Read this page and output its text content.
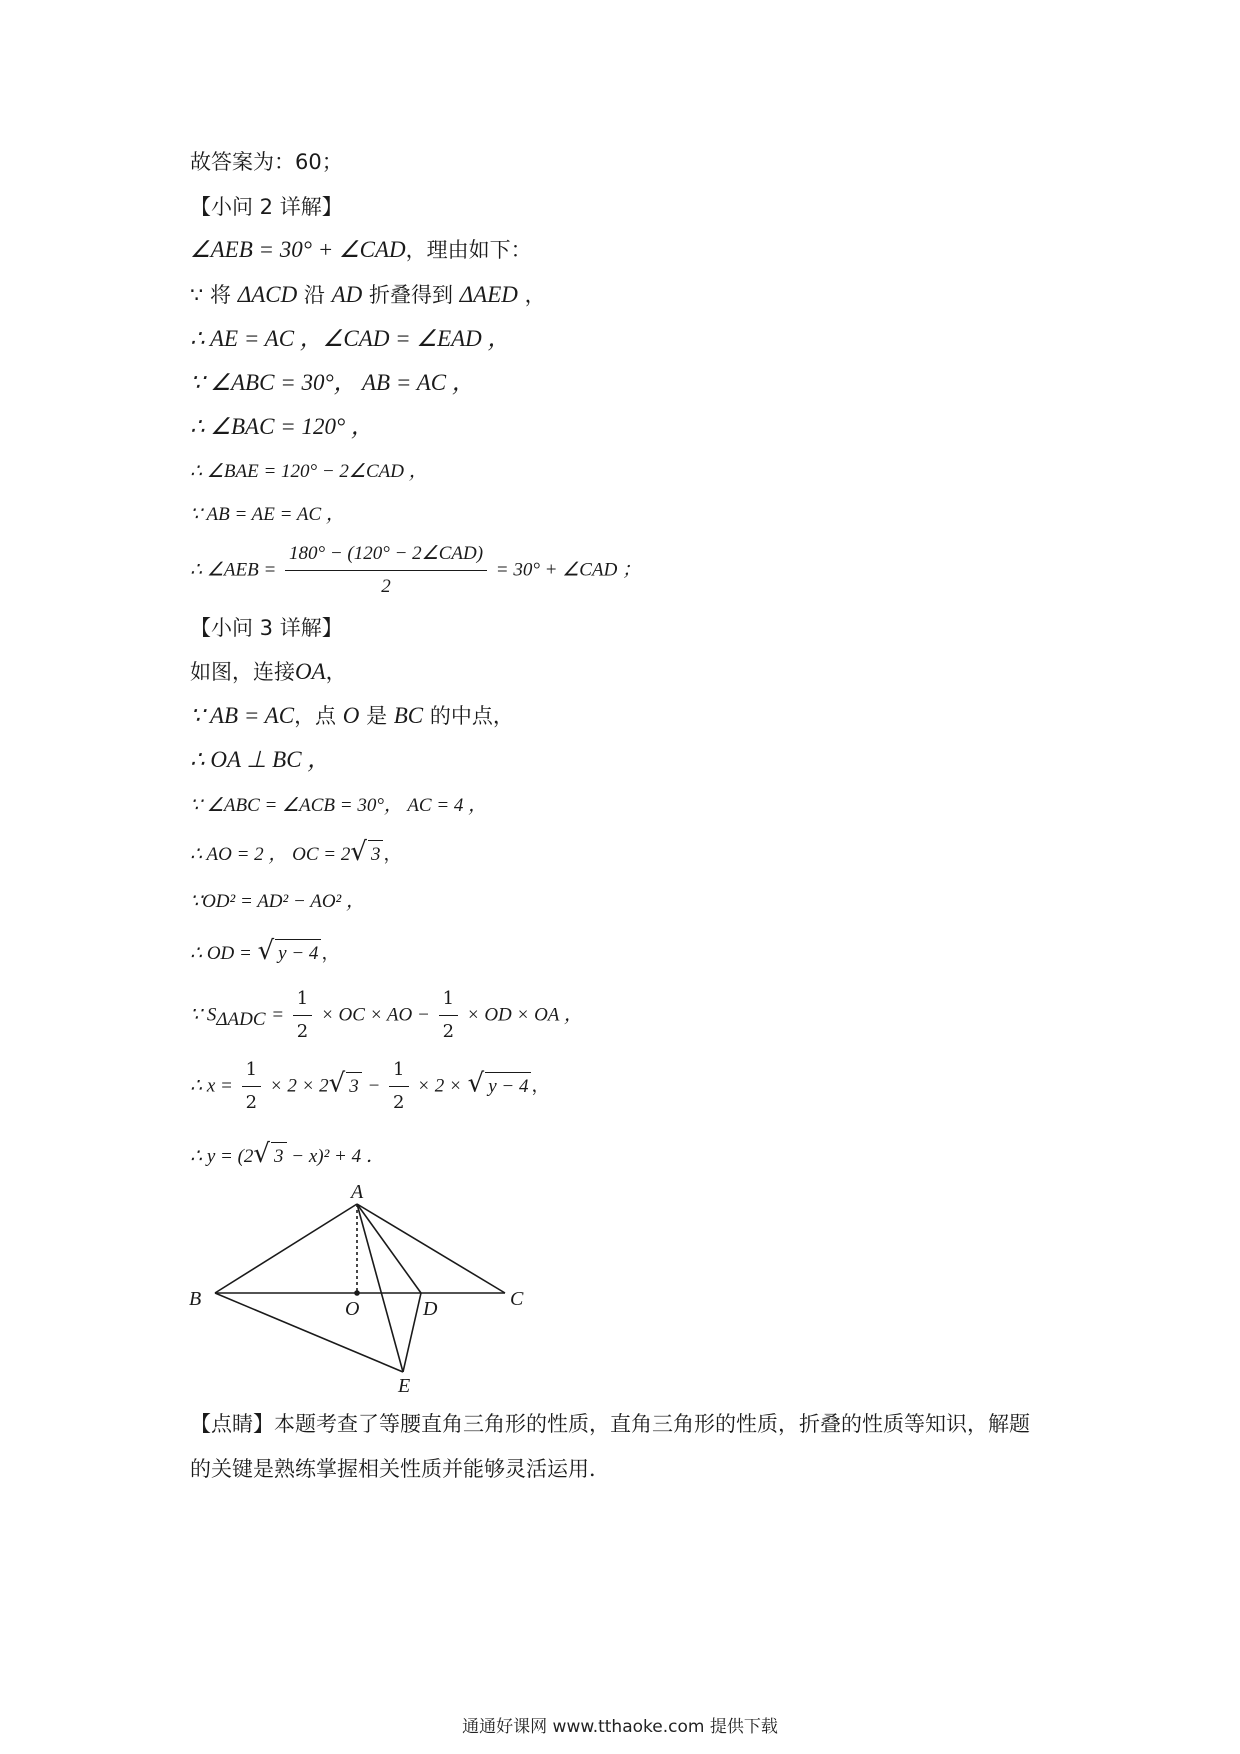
故答案为：60；
【小问 2 详解】
∠AEB = 30° + ∠CAD，理由如下：
∵ 将 ΔACD 沿 AD 折叠得到 ΔAED ，
∴ AE = AC ，∠CAD = ∠EAD ，
∵ ∠ABC = 30°， AB = AC ，
∴ ∠BAC = 120° ，
∴ ∠BAE = 120° − 2∠CAD ，
∵ AB = AE = AC ，
∴ ∠AEB = $\frac{\text{180° − (120° − 2∠CAD)}}{2} = 30^\circ$ + ∠CAD ；
【小问 3 详解】
如图，连接OA，
∵ AB = AC，点 O 是 BC 的中点，
∴ OA ⊥ BC ，
∵ ∠ABC = ∠ACB = 30°， AC = 4 ，
∴ AO = 2 ， OC = 2√ 3 ，
∵OD² = AD² − AO² ，
∴ OD = √ y − 4 ，
∵ $S_{\Delta ADC} = \frac{1}{2}$ × OC × AO − $\frac{1}{2}$ × OD × OA ，
∴ $x = \frac{1}{2} \times 2 \times 2√$ $3 - \frac{1}{2} \times 2$ × √ y − 4 ，
∴ y = (2√ 3 − x)² + 4 ．
A
B	O	D	C
E
【点睛】本题考查了等腰直角三角形的性质，直角三角形的性质，折叠的性质等知识，解题
的关键是熟练掌握相关性质并能够灵活运用．
通通好课网 www.tthaoke.com 提供下载
